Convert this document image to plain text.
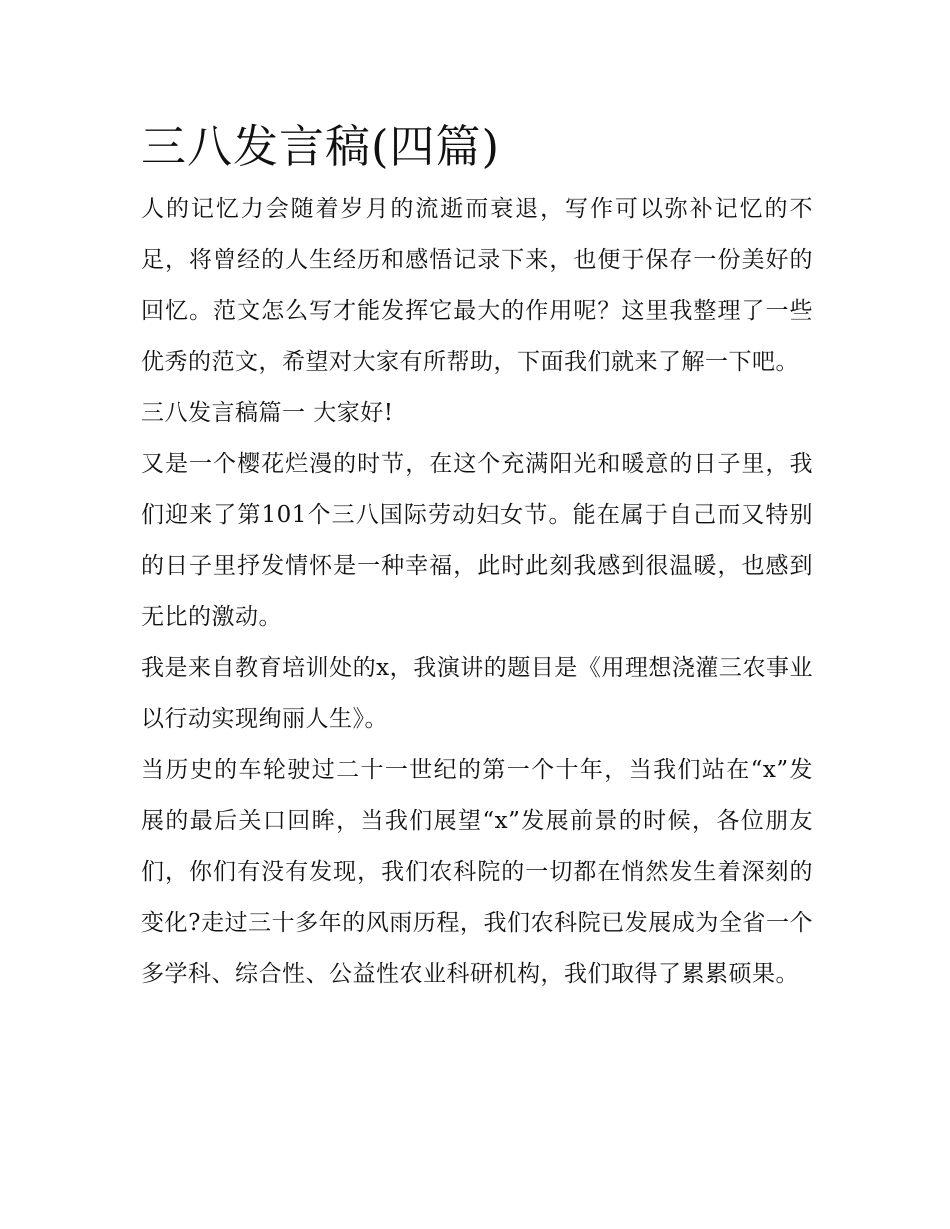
三八发言稿(四篇)

人的记忆力会随着岁月的流逝而衰退，写作可以弥补记忆的不足，将曾经的人生经历和感悟记录下来，也便于保存一份美好的回忆。范文怎么写才能发挥它最大的作用呢？这里我整理了一些优秀的范文，希望对大家有所帮助，下面我们就来了解一下吧。

三八发言稿篇一 大家好!

又是一个樱花烂漫的时节，在这个充满阳光和暖意的日子里，我们迎来了第101个三八国际劳动妇女节。能在属于自己而又特别的日子里抒发情怀是一种幸福，此时此刻我感到很温暖，也感到无比的激动。

我是来自教育培训处的x，我演讲的题目是《用理想浇灌三农事业以行动实现绚丽人生》。

当历史的车轮驶过二十一世纪的第一个十年，当我们站在“x”发展的最后关口回眸，当我们展望“x”发展前景的时候，各位朋友们，你们有没有发现，我们农科院的一切都在悄然发生着深刻的变化?走过三十多年的风雨历程，我们农科院已发展成为全省一个多学科、综合性、公益性农业科研机构，我们取得了累累硕果。
